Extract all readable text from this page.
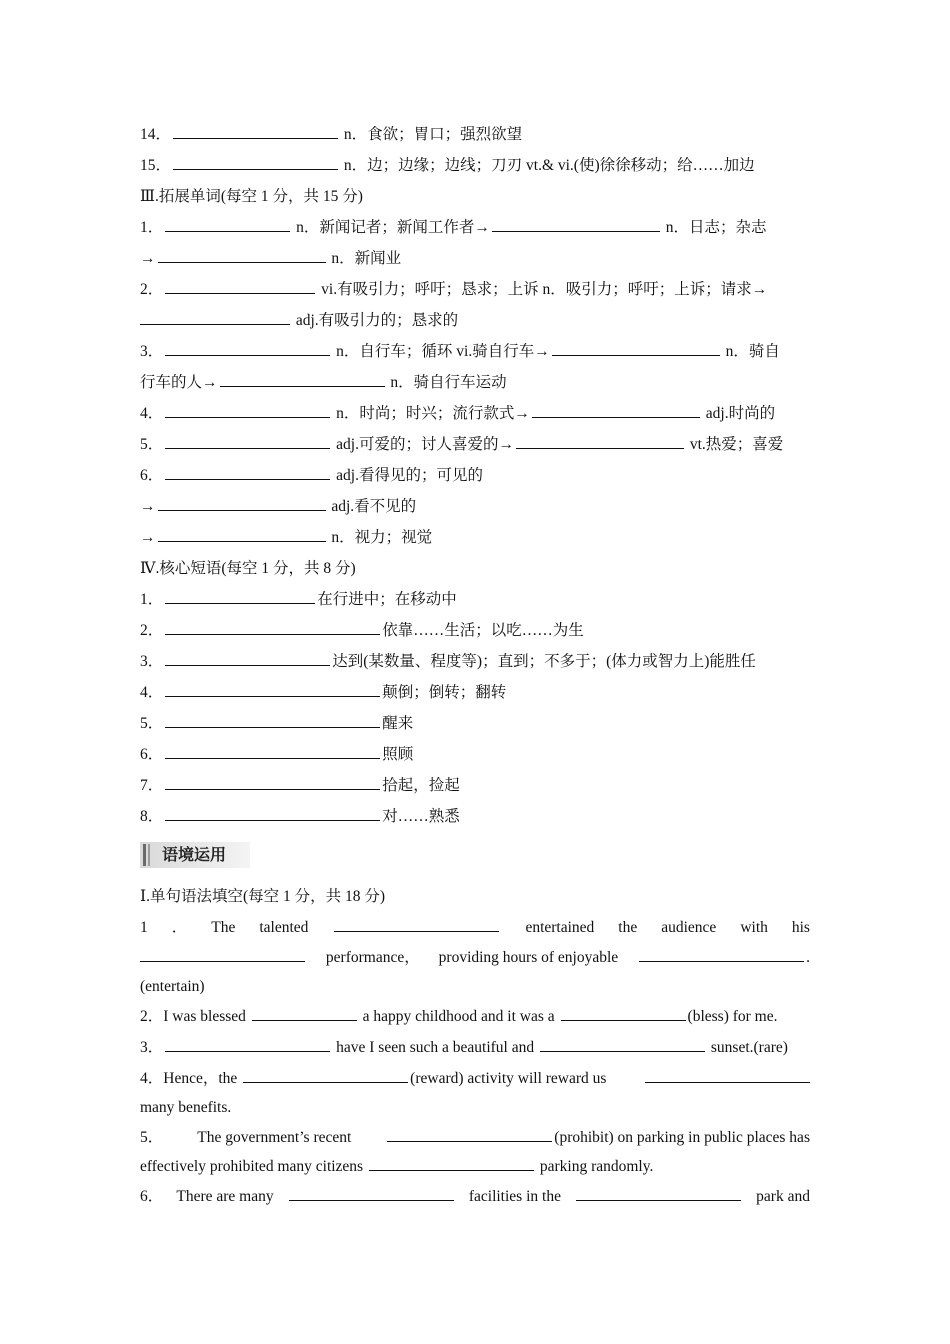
14．	n．食欲；胃口；强烈欲望
15．	n．边；边缘；边线；刀刃 vt.& vi.(使)徐徐移动；给……加边
Ⅲ.拓展单词(每空 1 分，共 15 分)
1．	n．新闻记者；新闻工作者→	n．日志；杂志
→	n．新闻业
2．	vi.有吸引力；呼吁；恳求；上诉 n．吸引力；呼吁；上诉；请求→
adj.有吸引力的；恳求的
3．	n．自行车；循环 vi.骑自行车→	n．骑自
行车的人→	n．骑自行车运动
4．	n．时尚；时兴；流行款式→	adj.时尚的
5．	adj.可爱的；讨人喜爱的→	vt.热爱；喜爱
6．	adj.看得见的；可见的
→	adj.看不见的
→	n．视力；视觉
Ⅳ.核心短语(每空 1 分，共 8 分)
1．	在行进中；在移动中
2．	依靠……生活；以吃……为生
3．	达到(某数量、程度等)；直到；不多于；(体力或智力上)能胜任
4．	颠倒；倒转；翻转
5．	醒来
6．	照顾
7．	拾起，捡起
8．	对……熟悉
语境运用
Ⅰ.单句语法填空(每空 1 分，共 18 分)
1 ． The talented	entertained the audience with his
performance， providing hours of enjoyable	.
(entertain)
2．I was blessed	a happy childhood and it was a	(bless) for me.
3．	have I seen such a beautiful and	sunset.(rare)
4．Hence，the	(reward) activity will reward us
many benefits.
5． The government’s recent	(prohibit) on parking in public places has
effectively prohibited many citizens	parking randomly.
6． There are many	facilities in the	park and
